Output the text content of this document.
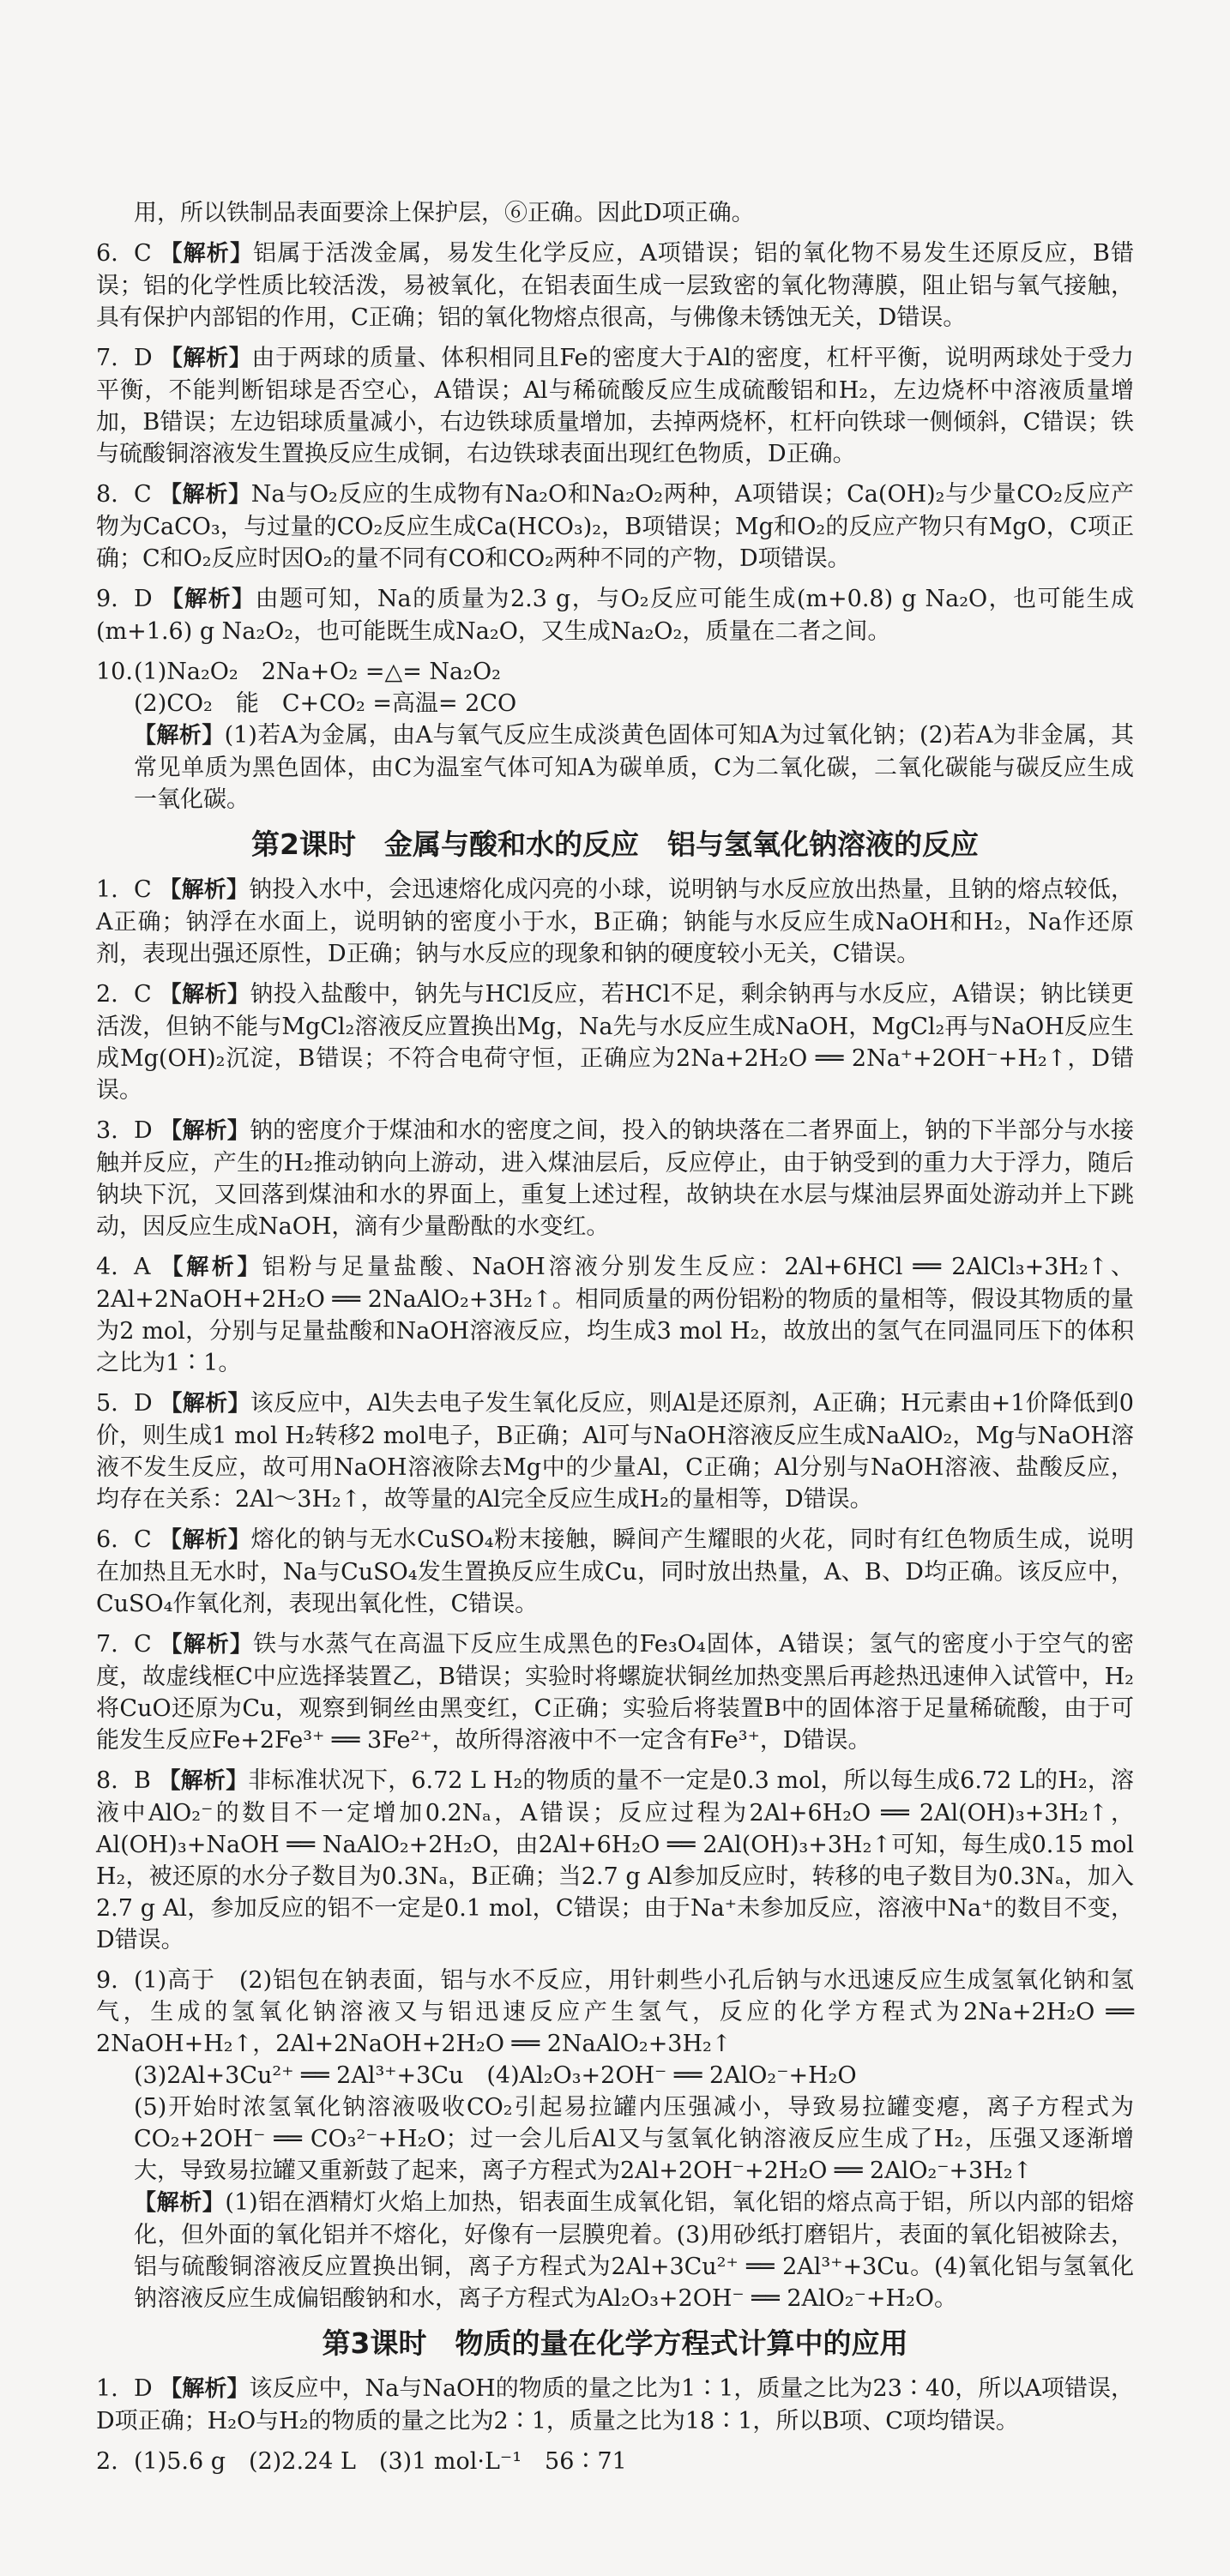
用，所以铁制品表面要涂上保护层，⑥正确。因此D项正确。
6. C 【解析】铝属于活泼金属，易发生化学反应，A项错误；铝的氧化物不易发生还原反应，B错误；铝的化学性质比较活泼，易被氧化，在铝表面生成一层致密的氧化物薄膜，阻止铝与氧气接触，具有保护内部铝的作用，C正确；铝的氧化物熔点很高，与佛像未锈蚀无关，D错误。
7. D 【解析】由于两球的质量、体积相同且Fe的密度大于Al的密度，杠杆平衡，说明两球处于受力平衡，不能判断铝球是否空心，A错误；Al与稀硫酸反应生成硫酸铝和H₂，左边烧杯中溶液质量增加，B错误；左边铝球质量减小，右边铁球质量增加，去掉两烧杯，杠杆向铁球一侧倾斜，C错误；铁与硫酸铜溶液发生置换反应生成铜，右边铁球表面出现红色物质，D正确。
8. C 【解析】Na与O₂反应的生成物有Na₂O和Na₂O₂两种，A项错误；Ca(OH)₂与少量CO₂反应产物为CaCO₃，与过量的CO₂反应生成Ca(HCO₃)₂，B项错误；Mg和O₂的反应产物只有MgO，C项正确；C和O₂反应时因O₂的量不同有CO和CO₂两种不同的产物，D项错误。
9. D 【解析】由题可知，Na的质量为2.3 g，与O₂反应可能生成(m+0.8) g Na₂O，也可能生成(m+1.6) g Na₂O₂，也可能既生成Na₂O，又生成Na₂O₂，质量在二者之间。
10.(1)Na₂O₂　2Na+O₂ =△= Na₂O₂
(2)CO₂　能　C+CO₂ =高温= 2CO
【解析】(1)若A为金属，由A与氧气反应生成淡黄色固体可知A为过氧化钠；(2)若A为非金属，其常见单质为黑色固体，由C为温室气体可知A为碳单质，C为二氧化碳，二氧化碳能与碳反应生成一氧化碳。
第2课时　金属与酸和水的反应　铝与氢氧化钠溶液的反应
1. C 【解析】钠投入水中，会迅速熔化成闪亮的小球，说明钠与水反应放出热量，且钠的熔点较低，A正确；钠浮在水面上，说明钠的密度小于水，B正确；钠能与水反应生成NaOH和H₂，Na作还原剂，表现出强还原性，D正确；钠与水反应的现象和钠的硬度较小无关，C错误。
2. C 【解析】钠投入盐酸中，钠先与HCl反应，若HCl不足，剩余钠再与水反应，A错误；钠比镁更活泼，但钠不能与MgCl₂溶液反应置换出Mg，Na先与水反应生成NaOH，MgCl₂再与NaOH反应生成Mg(OH)₂沉淀，B错误；不符合电荷守恒，正确应为2Na+2H₂O ══ 2Na⁺+2OH⁻+H₂↑，D错误。
3. D 【解析】钠的密度介于煤油和水的密度之间，投入的钠块落在二者界面上，钠的下半部分与水接触并反应，产生的H₂推动钠向上游动，进入煤油层后，反应停止，由于钠受到的重力大于浮力，随后钠块下沉，又回落到煤油和水的界面上，重复上述过程，故钠块在水层与煤油层界面处游动并上下跳动，因反应生成NaOH，滴有少量酚酞的水变红。
4. A 【解析】铝粉与足量盐酸、NaOH溶液分别发生反应：2Al+6HCl ══ 2AlCl₃+3H₂↑、2Al+2NaOH+2H₂O ══ 2NaAlO₂+3H₂↑。相同质量的两份铝粉的物质的量相等，假设其物质的量为2 mol，分别与足量盐酸和NaOH溶液反应，均生成3 mol H₂，故放出的氢气在同温同压下的体积之比为1∶1。
5. D 【解析】该反应中，Al失去电子发生氧化反应，则Al是还原剂，A正确；H元素由+1价降低到0价，则生成1 mol H₂转移2 mol电子，B正确；Al可与NaOH溶液反应生成NaAlO₂，Mg与NaOH溶液不发生反应，故可用NaOH溶液除去Mg中的少量Al，C正确；Al分别与NaOH溶液、盐酸反应，均存在关系：2Al～3H₂↑，故等量的Al完全反应生成H₂的量相等，D错误。
6. C 【解析】熔化的钠与无水CuSO₄粉末接触，瞬间产生耀眼的火花，同时有红色物质生成，说明在加热且无水时，Na与CuSO₄发生置换反应生成Cu，同时放出热量，A、B、D均正确。该反应中，CuSO₄作氧化剂，表现出氧化性，C错误。
7. C 【解析】铁与水蒸气在高温下反应生成黑色的Fe₃O₄固体，A错误；氢气的密度小于空气的密度，故虚线框C中应选择装置乙，B错误；实验时将螺旋状铜丝加热变黑后再趁热迅速伸入试管中，H₂将CuO还原为Cu，观察到铜丝由黑变红，C正确；实验后将装置B中的固体溶于足量稀硫酸，由于可能发生反应Fe+2Fe³⁺ ══ 3Fe²⁺，故所得溶液中不一定含有Fe³⁺，D错误。
8. B 【解析】非标准状况下，6.72 L H₂的物质的量不一定是0.3 mol，所以每生成6.72 L的H₂，溶液中AlO₂⁻的数目不一定增加0.2Nₐ，A错误；反应过程为2Al+6H₂O ══ 2Al(OH)₃+3H₂↑，Al(OH)₃+NaOH ══ NaAlO₂+2H₂O，由2Al+6H₂O ══ 2Al(OH)₃+3H₂↑可知，每生成0.15 mol H₂，被还原的水分子数目为0.3Nₐ，B正确；当2.7 g Al参加反应时，转移的电子数目为0.3Nₐ，加入2.7 g Al，参加反应的铝不一定是0.1 mol，C错误；由于Na⁺未参加反应，溶液中Na⁺的数目不变，D错误。
9. (1)高于　(2)铝包在钠表面，铝与水不反应，用针刺些小孔后钠与水迅速反应生成氢氧化钠和氢气，生成的氢氧化钠溶液又与铝迅速反应产生氢气，反应的化学方程式为2Na+2H₂O ══ 2NaOH+H₂↑，2Al+2NaOH+2H₂O ══ 2NaAlO₂+3H₂↑
(3)2Al+3Cu²⁺ ══ 2Al³⁺+3Cu　(4)Al₂O₃+2OH⁻ ══ 2AlO₂⁻+H₂O
(5)开始时浓氢氧化钠溶液吸收CO₂引起易拉罐内压强减小，导致易拉罐变瘪，离子方程式为CO₂+2OH⁻ ══ CO₃²⁻+H₂O；过一会儿后Al又与氢氧化钠溶液反应生成了H₂，压强又逐渐增大，导致易拉罐又重新鼓了起来，离子方程式为2Al+2OH⁻+2H₂O ══ 2AlO₂⁻+3H₂↑
【解析】(1)铝在酒精灯火焰上加热，铝表面生成氧化铝，氧化铝的熔点高于铝，所以内部的铝熔化，但外面的氧化铝并不熔化，好像有一层膜兜着。(3)用砂纸打磨铝片，表面的氧化铝被除去，铝与硫酸铜溶液反应置换出铜，离子方程式为2Al+3Cu²⁺ ══ 2Al³⁺+3Cu。(4)氧化铝与氢氧化钠溶液反应生成偏铝酸钠和水，离子方程式为Al₂O₃+2OH⁻ ══ 2AlO₂⁻+H₂O。
第3课时　物质的量在化学方程式计算中的应用
1. D 【解析】该反应中，Na与NaOH的物质的量之比为1∶1，质量之比为23∶40，所以A项错误，D项正确；H₂O与H₂的物质的量之比为2∶1，质量之比为18∶1，所以B项、C项均错误。
2. (1)5.6 g　(2)2.24 L　(3)1 mol·L⁻¹　56∶71
